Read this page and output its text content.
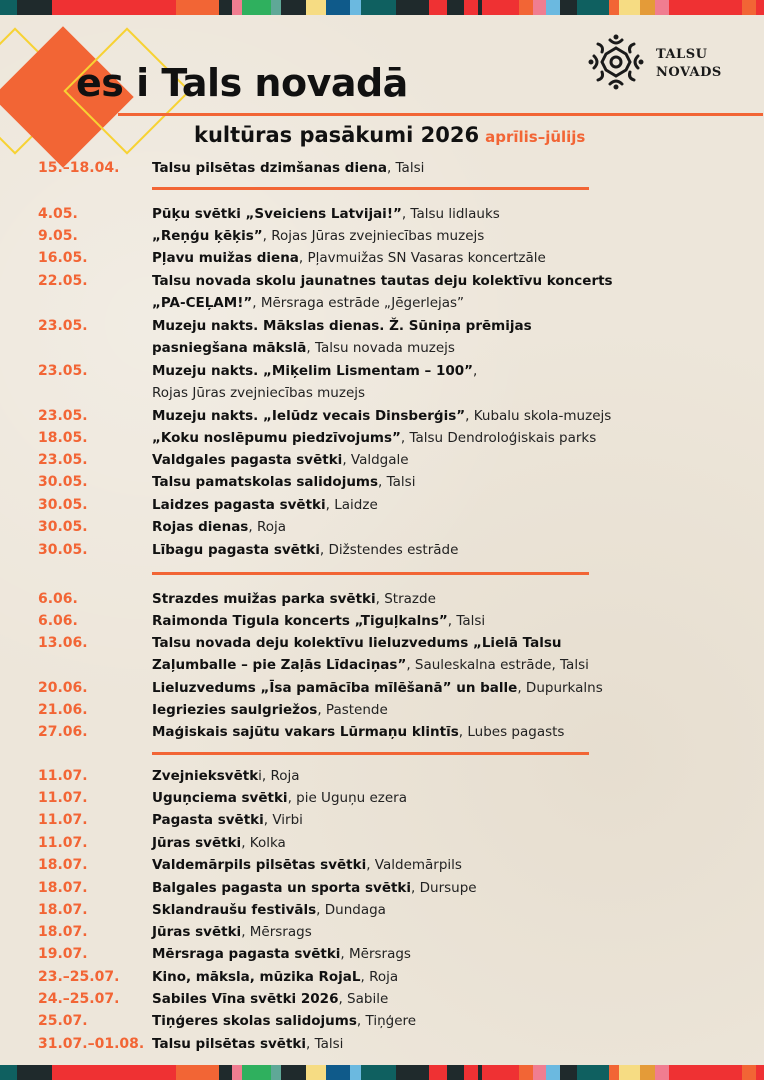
es i Tals novadā
TALSU
NOVADS
kultūras pasākumi 2026 aprīlis–jūlijs
15.–18.04. Talsu pilsētas dzimšanas diena, Talsi
4.05.	Pūķu svētki „Sveiciens Latvijai!”, Talsu lidlauks
9.05.	„Reņģu ķēķis”, Rojas Jūras zvejniecības muzejs
16.05.	Pļavu muižas diena, Pļavmuižas SN Vasaras koncertzāle
22.05.	Talsu novada skolu jaunatnes tautas deju kolektīvu koncerts
„PA-CEĻAM!”, Mērsraga estrāde „Jēgerlejas”
23.05.	Muzeju nakts. Mākslas dienas. Ž. Sūniņa prēmijas
pasniegšana mākslā, Talsu novada muzejs
23.05.	Muzeju nakts. „Miķelim Lismentam – 100”,
Rojas Jūras zvejniecības muzejs
23.05.	Muzeju nakts. „Ielūdz vecais Dinsberģis”, Kubalu skola-muzejs
18.05.	„Koku noslēpumu piedzīvojums”, Talsu Dendroloģiskais parks
23.05.	Valdgales pagasta svētki, Valdgale
30.05.	Talsu pamatskolas salidojums, Talsi
30.05.	Laidzes pagasta svētki, Laidze
30.05.	Rojas dienas, Roja
30.05.	Lībagu pagasta svētki, Dižstendes estrāde
6.06.	Strazdes muižas parka svētki, Strazde
6.06.	Raimonda Tigula koncerts „Tiguļkalns”, Talsi
13.06.	Talsu novada deju kolektīvu lieluzvedums „Lielā Talsu
Zaļumballe – pie Zaļās Līdaciņas”, Sauleskalna estrāde, Talsi
20.06.	Lieluzvedums „Īsa pamācība mīlēšanā” un balle, Dupurkalns
21.06.	Iegriezies saulgriežos, Pastende
27.06.	Maģiskais sajūtu vakars Lūrmaņu klintīs, Lubes pagasts
11.07.	Zvejnieksvētki, Roja
11.07.	Uguņciema svētki, pie Uguņu ezera
11.07.	Pagasta svētki, Virbi
11.07.	Jūras svētki, Kolka
18.07.	Valdemārpils pilsētas svētki, Valdemārpils
18.07.	Balgales pagasta un sporta svētki, Dursupe
18.07.	Sklandraušu festivāls, Dundaga
18.07.	Jūras svētki, Mērsrags
19.07.	Mērsraga pagasta svētki, Mērsrags
23.–25.07. Kino, māksla, mūzika RojaL, Roja
24.–25.07. Sabiles Vīna svētki 2026, Sabile
25.07.	Tiņģeres skolas salidojums, Tiņģere
31.07.–01.08. Talsu pilsētas svētki, Talsi
